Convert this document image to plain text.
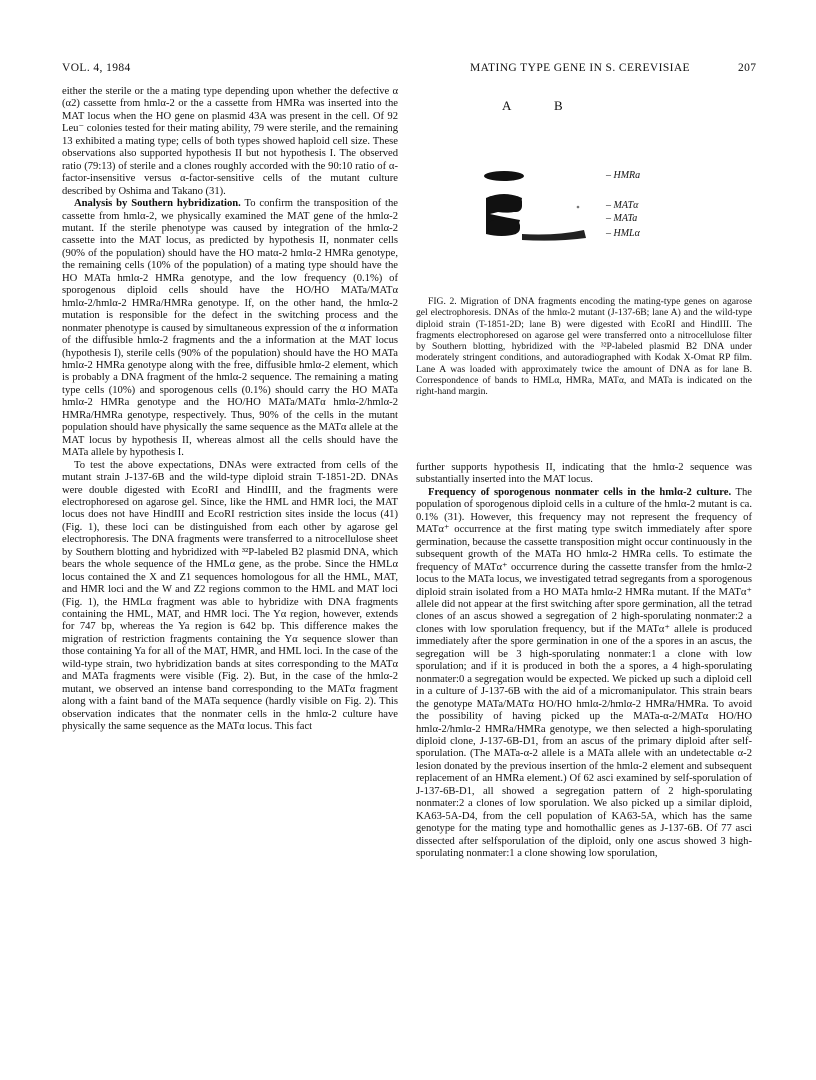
VOL. 4, 1984	MATING TYPE GENE IN S. CEREVISIAE	207

either the sterile or the a mating type depending upon whether the defective α (α2) cassette from hmlα-2 or the a cassette from HMRa was inserted into the MAT locus when the HO gene on plasmid 43A was present in the cell. Of 92 Leu⁻ colonies tested for their mating ability, 79 were sterile, and the remaining 13 exhibited a mating type; cells of both types showed haploid cell size. These observations also supported hypothesis II but not hypothesis I. The observed ratio (79:13) of sterile and a clones roughly accorded with the 90:10 ratio of α-factor-insensitive versus α-factor-sensitive cells of the mutant culture described by Oshima and Takano (31).

Analysis by Southern hybridization. To confirm the transposition of the cassette from hmlα-2, we physically examined the MAT gene of the hmlα-2 mutant. If the sterile phenotype was caused by integration of the hmlα-2 cassette into the MAT locus, as predicted by hypothesis II, nonmater cells (90% of the population) should have the HO matα-2 hmlα-2 HMRa genotype, the remaining cells (10% of the population) of a mating type should have the HO MATa hmlα-2 HMRa genotype, and the low frequency (0.1%) of sporogenous diploid cells should have the HO/HO MATa/MATα hmlα-2/hmlα-2 HMRa/HMRa genotype. If, on the other hand, the hmlα-2 mutation is responsible for the defect in the switching process and the nonmater phenotype is caused by simultaneous expression of the α information of the diffusible hmlα-2 fragments and the a information at the MAT locus (hypothesis I), sterile cells (90% of the population) should have the HO MATa hmlα-2 HMRa genotype along with the free, diffusible hmlα-2 element, which is probably a DNA fragment of the hmlα-2 sequence. The remaining a mating type cells (10%) and sporogenous cells (0.1%) should carry the HO MATa hmlα-2 HMRa genotype and the HO/HO MATa/MATα hmlα-2/hmlα-2 HMRa/HMRa genotype, respectively. Thus, 90% of the cells in the mutant population should have physically the same sequence as the MATα allele at the MAT locus by hypothesis II, whereas almost all the cells should have the MATa allele by hypothesis I.

To test the above expectations, DNAs were extracted from cells of the mutant strain J-137-6B and the wild-type diploid strain T-1851-2D. DNAs were double digested with EcoRI and HindIII, and the fragments were electrophoresed on agarose gel. Since, like the HML and HMR loci, the MAT locus does not have HindIII and EcoRI restriction sites inside the locus (41) (Fig. 1), these loci can be distinguished from each other by agarose gel electrophoresis. The DNA fragments were transferred to a nitrocellulose sheet by Southern blotting and hybridized with ³²P-labeled B2 plasmid DNA, which bears the whole sequence of the HMLα gene, as the probe. Since the HMLα locus contained the X and Z1 sequences homologous for all the HML, MAT, and HMR loci and the W and Z2 regions common to the HML and MAT loci (Fig. 1), the HMLα fragment was able to hybridize with DNA fragments containing the HML, MAT, and HMR loci. The Yα region, however, extends for 747 bp, whereas the Ya region is 642 bp. This difference makes the migration of restriction fragments containing the Yα sequence slower than those containing Ya for all of the MAT, HMR, and HML loci. In the case of the wild-type strain, two hybridization bands at sites corresponding to the MATα and MATa fragments were visible (Fig. 2). But, in the case of the hmlα-2 mutant, we observed an intense band corresponding to the MATα fragment along with a faint band of the MATa sequence (hardly visible on Fig. 2). This observation indicates that the nonmater cells in the hmlα-2 culture have physically the same sequence as the MATα locus. This fact

A	B
– HMRa
– MATα
– MATa
– HMLα

FIG. 2. Migration of DNA fragments encoding the mating-type genes on agarose gel electrophoresis. DNAs of the hmlα-2 mutant (J-137-6B; lane A) and the wild-type diploid strain (T-1851-2D; lane B) were digested with EcoRI and HindIII. The fragments electrophoresed on agarose gel were transferred onto a nitrocellulose filter by Southern blotting, hybridized with the ³²P-labeled plasmid B2 DNA under moderately stringent conditions, and autoradiographed with Kodak X-Omat RP film. Lane A was loaded with approximately twice the amount of DNA as for lane B. Correspondence of bands to HMLα, HMRa, MATα, and MATa is indicated on the right-hand margin.

further supports hypothesis II, indicating that the hmlα-2 sequence was substantially inserted into the MAT locus.

Frequency of sporogenous nonmater cells in the hmlα-2 culture. The population of sporogenous diploid cells in a culture of the hmlα-2 mutant is ca. 0.1% (31). However, this frequency may not represent the frequency of MATα⁺ occurrence at the first mating type switch immediately after spore germination, because the cassette transposition might occur continuously in the subsequent growth of the MATa HO hmlα-2 HMRa cells. To estimate the frequency of MATα⁺ occurrence during the cassette transfer from the hmlα-2 locus to the MATa locus, we investigated tetrad segregants from a sporogenous diploid strain isolated from a HO MATa hmlα-2 HMRa mutant. If the MATα⁺ allele did not appear at the first switching after spore germination, all the tetrad clones of an ascus showed a segregation of 2 high-sporulating nonmater:2 a clones with low sporulation frequency, but if the MATα⁺ allele is produced immediately after the spore germination in one of the a spores in an ascus, the segregation will be 3 high-sporulating nonmater:1 a clone with low sporulation; and if it is produced in both the a spores, a 4 high-sporulating nonmater:0 a segregation would be expected. We picked up such a diploid cell in a culture of J-137-6B with the aid of a micromanipulator. This strain bears the genotype MATa/MATα HO/HO hmlα-2/hmlα-2 HMRa/HMRa. To avoid the possibility of having picked up the MATa-α-2/MATα HO/HO hmlα-2/hmlα-2 HMRa/HMRa genotype, we then selected a high-sporulating diploid clone, J-137-6B-D1, from an ascus of the primary diploid after self-sporulation. (The MATa-α-2 allele is a MATa allele with an undetectable α-2 lesion donated by the previous insertion of the hmlα-2 element and subsequent replacement of an HMRa element.) Of 62 asci examined by self-sporulation of J-137-6B-D1, all showed a segregation pattern of 2 high-sporulating nonmater:2 a clones of low sporulation. We also picked up a similar diploid, KA63-5A-D4, from the cell population of KA63-5A, which has the same genotype for the mating type and homothallic genes as J-137-6B. Of 77 asci dissected after selfsporulation of the diploid, only one ascus showed 3 high-sporulating nonmater:1 a clone showing low sporulation,
